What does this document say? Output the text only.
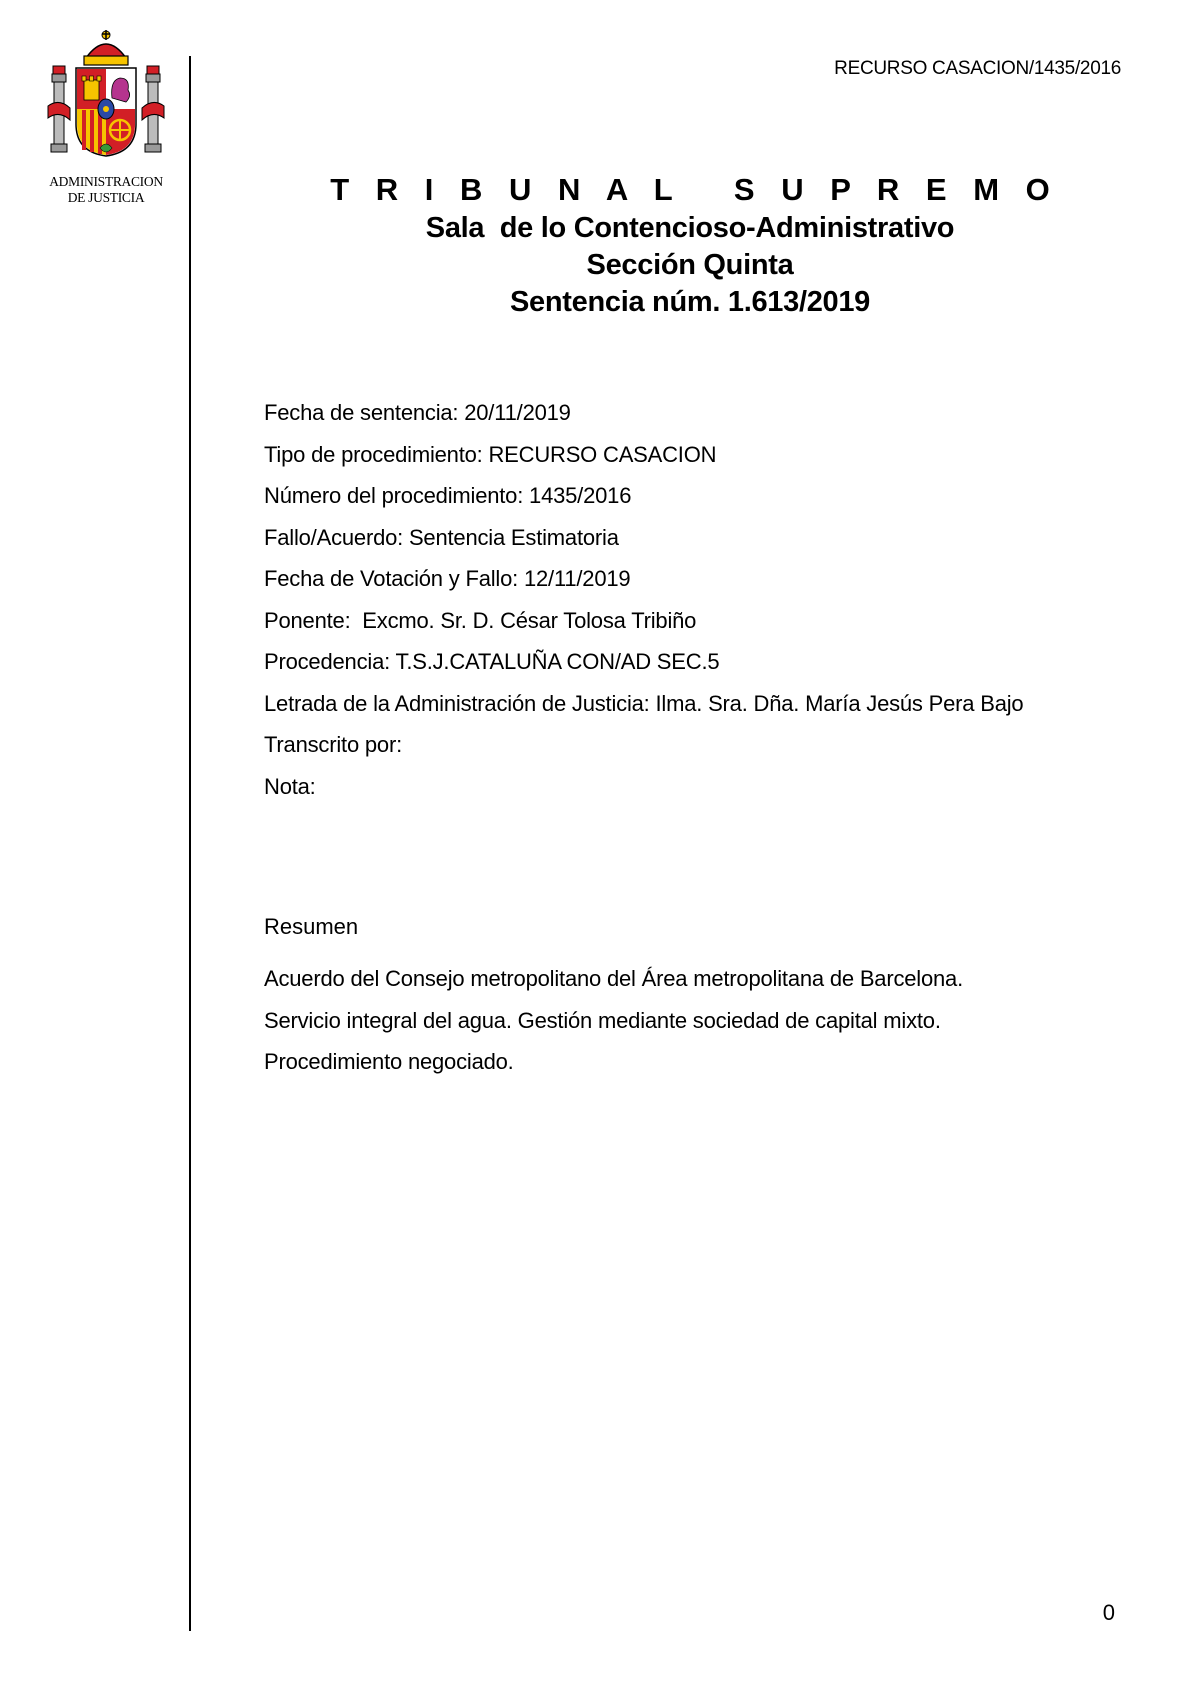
ADMINISTRACION
DE JUSTICIA
RECURSO CASACION/1435/2016
T R I B U N A L   S U P R E M O
Sala  de lo Contencioso-Administrativo
Sección Quinta
Sentencia núm. 1.613/2019
Fecha de sentencia: 20/11/2019
Tipo de procedimiento: RECURSO CASACION
Número del procedimiento: 1435/2016
Fallo/Acuerdo: Sentencia Estimatoria
Fecha de Votación y Fallo: 12/11/2019
Ponente:  Excmo. Sr. D. César Tolosa Tribiño
Procedencia: T.S.J.CATALUÑA CON/AD SEC.5
Letrada de la Administración de Justicia: Ilma. Sra. Dña. María Jesús Pera Bajo
Transcrito por:
Nota:
Resumen
Acuerdo del Consejo metropolitano del Área metropolitana de Barcelona.
Servicio integral del agua. Gestión mediante sociedad de capital mixto.
Procedimiento negociado.
0
